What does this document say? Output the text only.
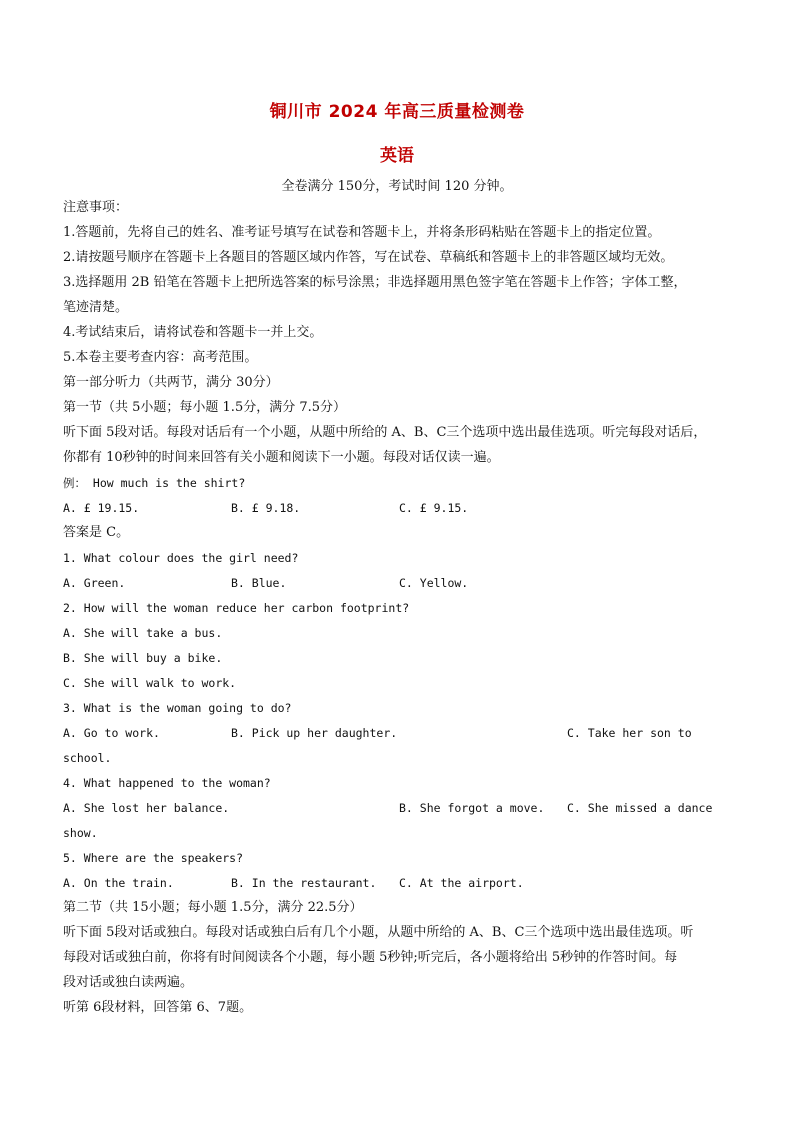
铜川市 2024 年高三质量检测卷
英语
全卷满分 150分，考试时间 120 分钟。
注意事项：
1.答题前，先将自己的姓名、准考证号填写在试卷和答题卡上，并将条形码粘贴在答题卡上的指定位置。
2.请按题号顺序在答题卡上各题目的答题区域内作答，写在试卷、草稿纸和答题卡上的非答题区域均无效。
3.选择题用 2B 铅笔在答题卡上把所选答案的标号涂黑；非选择题用黑色签字笔在答题卡上作答；字体工整，
笔迹清楚。
4.考试结束后，请将试卷和答题卡一并上交。
5.本卷主要考查内容：高考范围。
第一部分听力（共两节，满分 30分）
第一节（共 5小题；每小题 1.5分，满分 7.5分）
听下面 5段对话。每段对话后有一个小题，从题中所给的 A、B、C三个选项中选出最佳选项。听完每段对话后，
你都有 10秒钟的时间来回答有关小题和阅读下一小题。每段对话仅读一遍。
例： How much is the shirt?
A. £ 19.15.	B. £ 9.18.	C. £ 9.15.
答案是 C。
1. What colour does the girl need?
A. Green.	B. Blue.	C. Yellow.
2. How will the woman reduce her carbon footprint?
A. She will take a bus.
B. She will buy a bike.
C. She will walk to work.
3. What is the woman going to do?
A. Go to work.	B. Pick up her daughter.	C. Take her son to
school.
4. What happened to the woman?
A. She lost her balance.	B. She forgot a move. C. She missed a dance
show.
5. Where are the speakers?
A. On the train.	B. In the restaurant. C. At the airport.
第二节（共 15小题；每小题 1.5分，满分 22.5分）
听下面 5段对话或独白。每段对话或独白后有几个小题，从题中所给的 A、B、C三个选项中选出最佳选项。听
每段对话或独白前，你将有时间阅读各个小题，每小题 5秒钟;听完后，各小题将给出 5秒钟的作答时间。每
段对话或独白读两遍。
听第 6段材料，回答第 6、7题。
